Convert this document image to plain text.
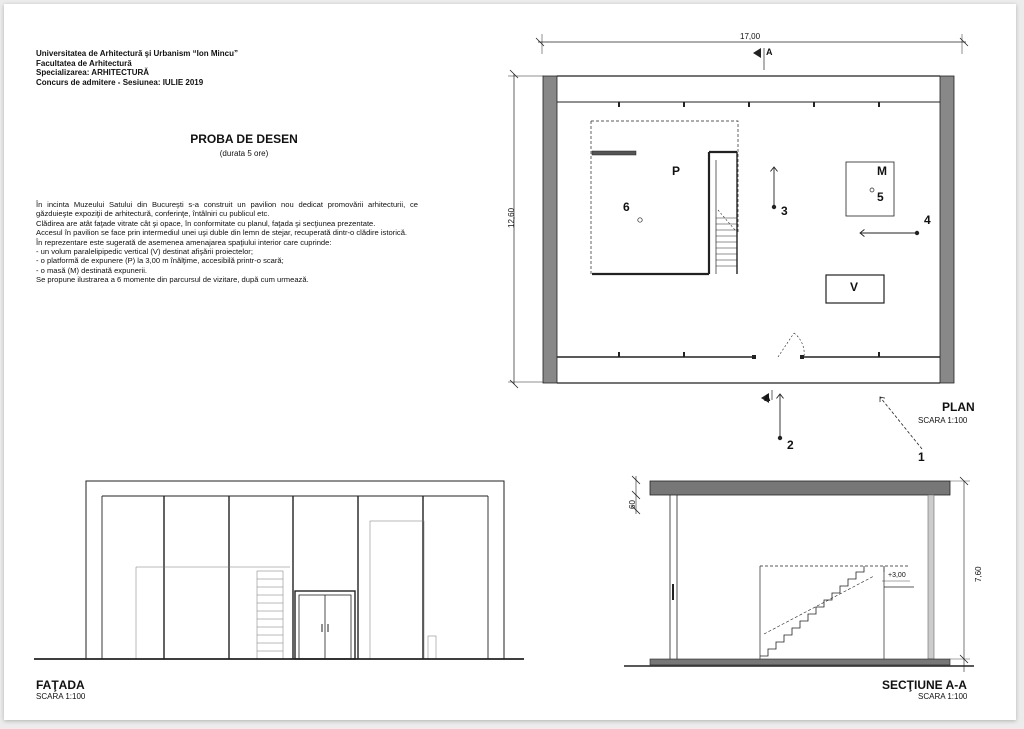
Universitatea de Arhitectură şi Urbanism “Ion Mincu”
Facultatea de Arhitectură
Specializarea: ARHITECTURĂ
Concurs de admitere - Sesiunea: IULIE 2019
PROBA DE DESEN
(durata 5 ore)

În incinta Muzeului Satului din Bucureşti s-a construit un pavilion nou dedicat promovării arhitecturii, ce găzduieşte expoziţii de arhitectură, conferinţe, întâlniri cu publicul etc.

Clădirea are atât faţade vitrate cât şi opace, în conformitate cu planul, faţada şi secţiunea prezentate.

Accesul în pavilion se face prin intermediul unei uşi duble din lemn de stejar, recuperată dintr-o clădire istorică.

În reprezentare este sugerată de asemenea amenajarea spaţiului interior care cuprinde:

- un volum paralelipipedic vertical (V) destinat afişării proiectelor;

- o platformă de expunere (P) la 3,00 m înălţime, accesibilă printr-o scară;

- o masă (M) destinată expunerii.

Se propune ilustrarea a 6 momente din parcursul de vizitare, după cum urmează.

17,00
12,60
A
A
P	M
V
1
2
3
4
5
6
PLAN
SCARA 1:100
FAŢADA
SCARA 1:100
SECŢIUNE A-A
SCARA 1:100
60
7,60
+3,00
